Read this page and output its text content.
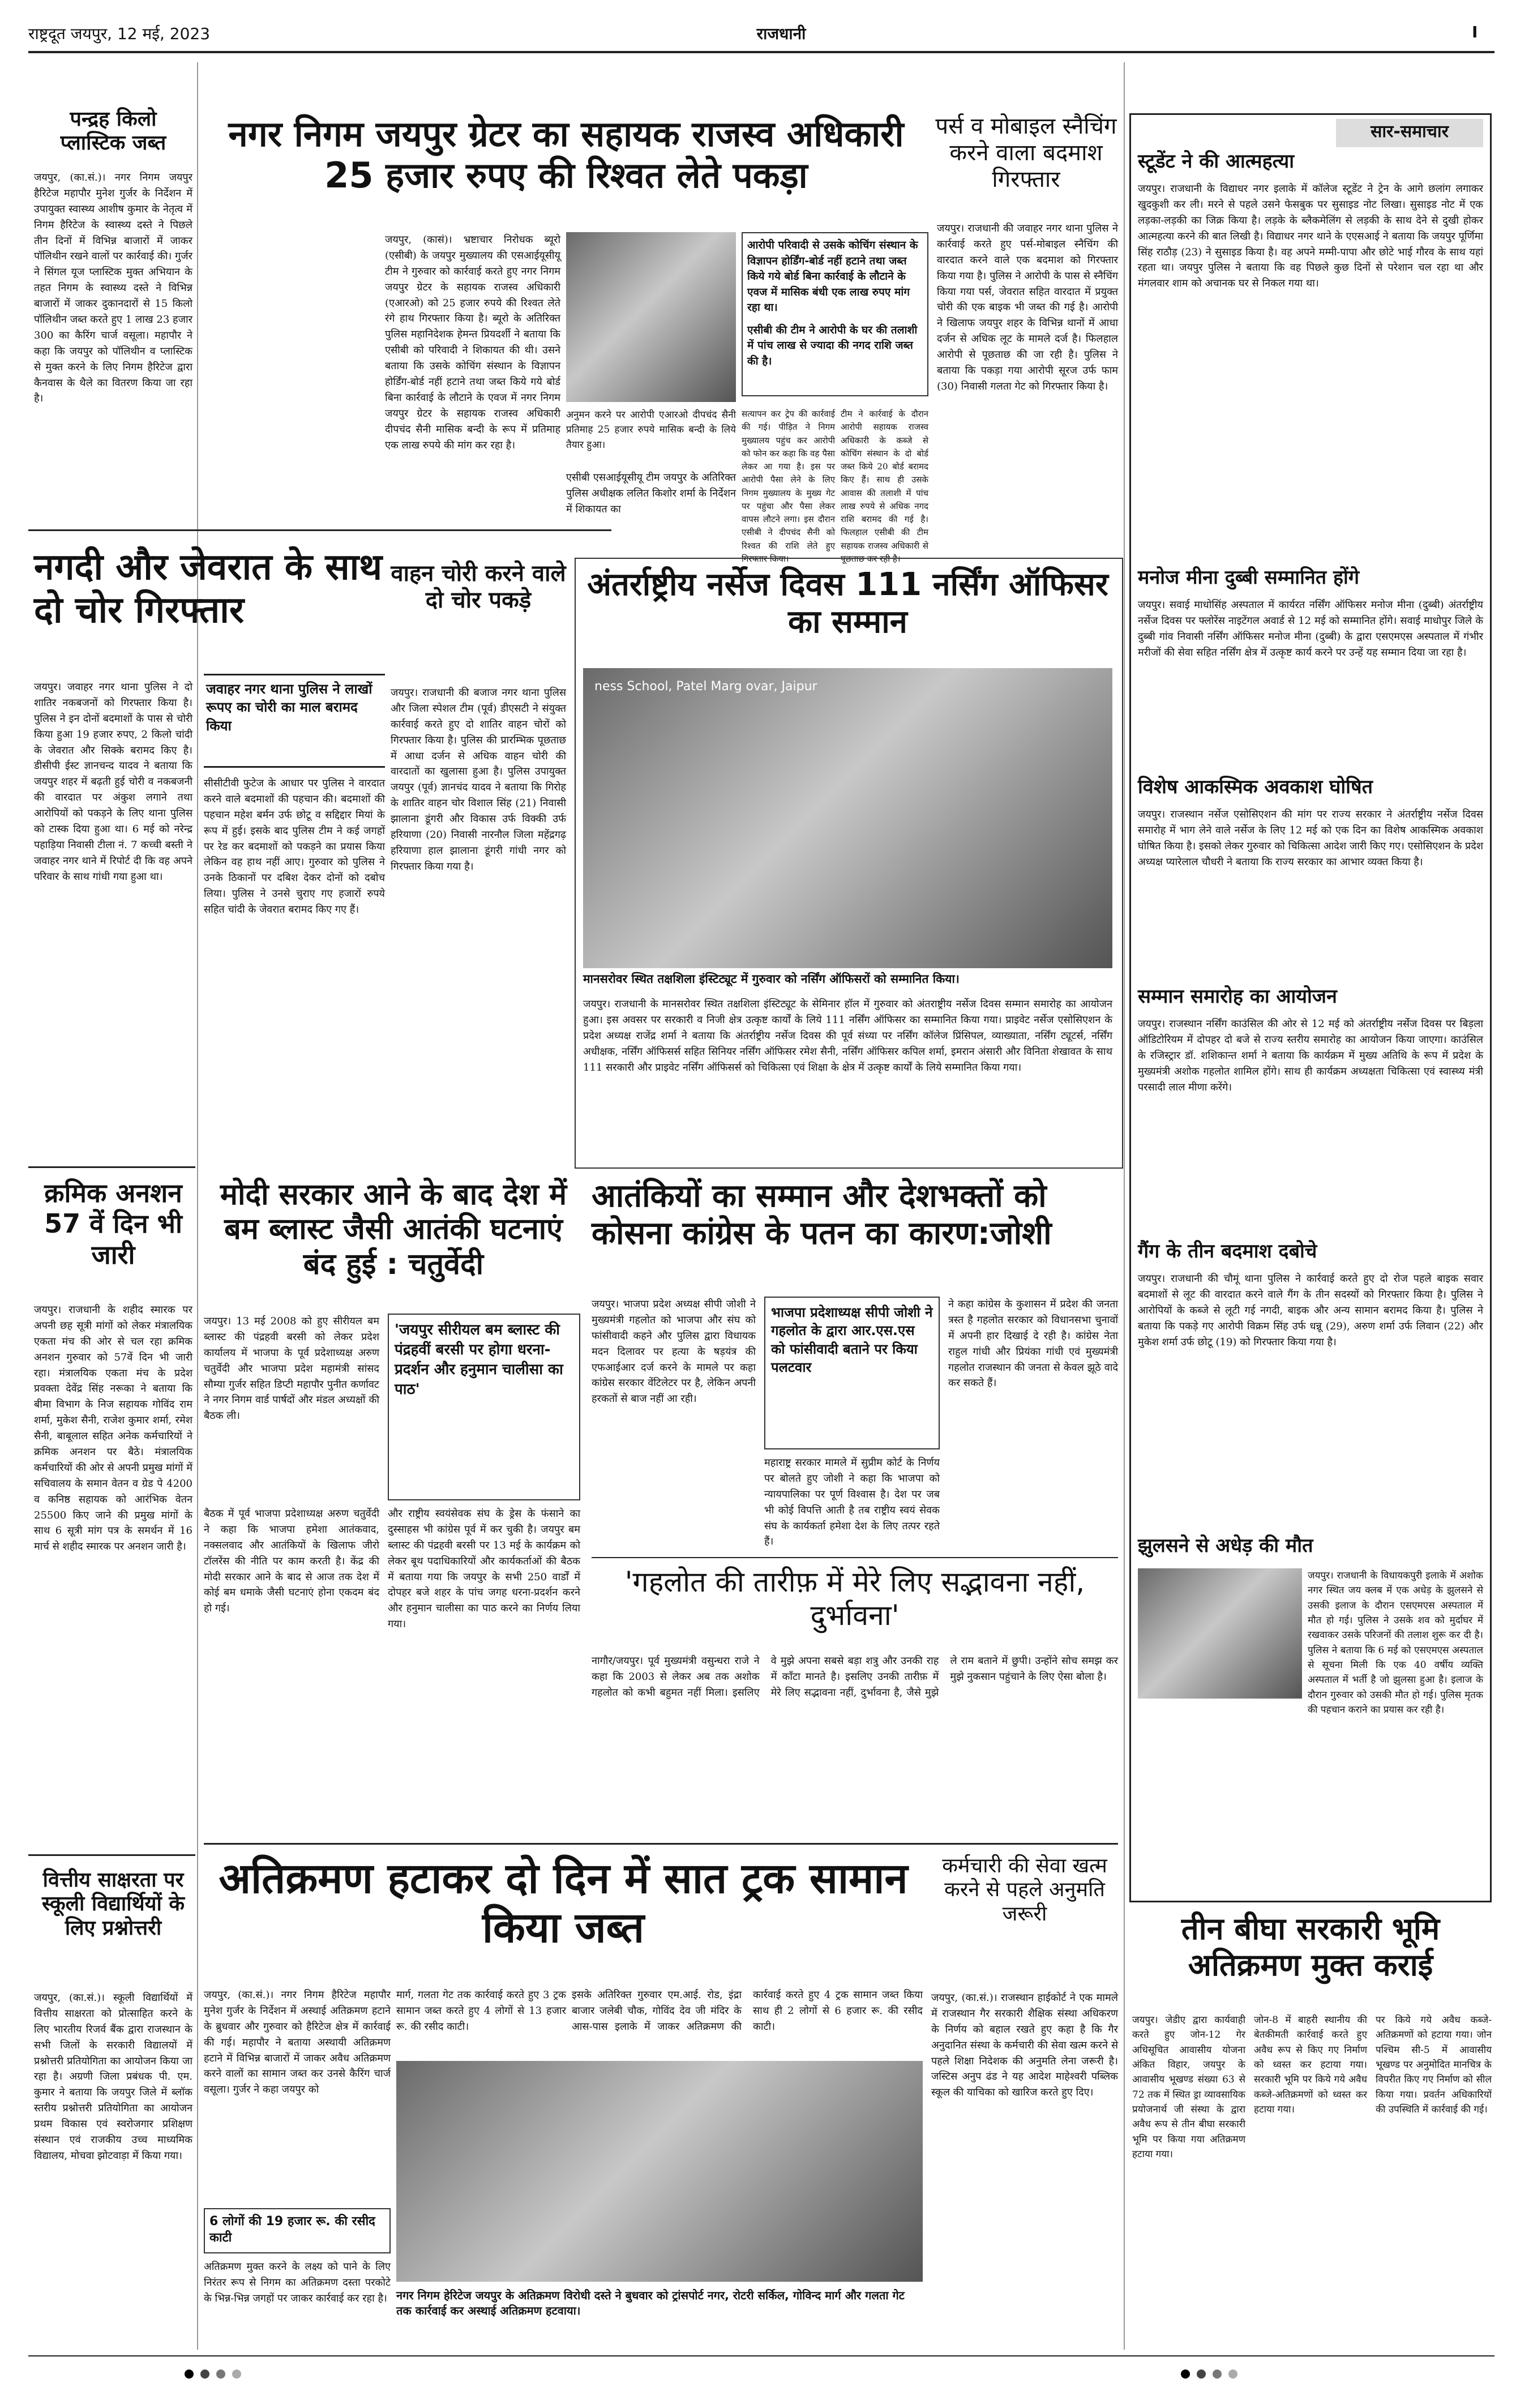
राष्ट्रदूत जयपुर, 12 मई, 2023	राजधानी	I
पन्द्रह किलो प्लास्टिक जब्त
जयपुर, (का.सं.)। नगर निगम जयपुर हैरिटेज महापौर मुनेश गुर्जर के निर्देशन में उपायुक्त स्वास्थ्य आशीष कुमार के नेतृत्व में निगम हैरिटेज के स्वास्थ्य दस्ते ने पिछले तीन दिनों में विभिन्न बाजारों में जाकर पॉलिथीन रखने वालों पर कार्रवाई की। गुर्जर ने सिंगल यूज प्लास्टिक मुक्त अभियान के तहत निगम के स्वास्थ्य दस्ते ने विभिन्न बाजारों में जाकर दुकानदारों से 15 किलो पॉलिथीन जब्त करते हुए 1 लाख 23 हजार 300 का कैरिंग चार्ज वसूला। महापौर ने कहा कि जयपुर को पॉलिथीन व प्लास्टिक से मुक्त करने के लिए निगम हैरिटेज द्वारा कैनवास के थैले का वितरण किया जा रहा है।
नगदी और जेवरात के साथ दो चोर गिरफ्तार
जयपुर। जवाहर नगर थाना पुलिस ने दो शातिर नकबजनों को गिरफ्तार किया है। पुलिस ने इन दोनों बदमाशों के पास से चोरी किया हुआ 19 हजार रुपए, 2 किलो चांदी के जेवरात और सिक्के बरामद किए है। डीसीपी ईस्ट ज्ञानचन्द यादव ने बताया कि जयपुर शहर में बढ़ती हुई चोरी व नकबजनी की वारदात पर अंकुश लगाने तथा आरोपियों को पकड़ने के लिए थाना पुलिस को टास्क दिया हुआ था। 6 मई को नरेन्द्र पहाड़िया निवासी टीला नं. 7 कच्ची बस्ती ने जवाहर नगर थाने में रिपोर्ट दी कि वह अपने परिवार के साथ गांधी गया हुआ था।
क्रमिक अनशन 57 वें दिन भी जारी
जयपुर। राजधानी के शहीद स्मारक पर अपनी छह सूत्री मांगों को लेकर मंत्रालयिक एकता मंच की ओर से चल रहा क्रमिक अनशन गुरुवार को 57वें दिन भी जारी रहा। मंत्रालयिक एकता मंच के प्रदेश प्रवक्ता देवेंद्र सिंह नरूका ने बताया कि बीमा विभाग के निज सहायक गोविंद राम शर्मा, मुकेश सैनी, राजेश कुमार शर्मा, रमेश सैनी, बाबूलाल सहित अनेक कर्मचारियों ने क्रमिक अनशन पर बैठे। मंत्रालयिक कर्मचारियों की ओर से अपनी प्रमुख मांगों में सचिवालय के समान वेतन व ग्रेड पे 4200 व कनिष्ठ सहायक को आरंभिक वेतन 25500 किए जाने की प्रमुख मांगों के साथ 6 सूत्री मांग पत्र के समर्थन में 16 मार्च से शहीद स्मारक पर अनशन जारी है।
वित्तीय साक्षरता पर स्कूली विद्यार्थियों के लिए प्रश्नोत्तरी
जयपुर, (का.सं.)। स्कूली विद्यार्थियों में वित्तीय साक्षरता को प्रोत्साहित करने के लिए भारतीय रिजर्व बैंक द्वारा राजस्थान के सभी जिलों के सरकारी विद्यालयों में प्रश्नोत्तरी प्रतियोगिता का आयोजन किया जा रहा है। अग्रणी जिला प्रबंधक पी. एम. कुमार ने बताया कि जयपुर जिले में ब्लॉक स्तरीय प्रश्नोत्तरी प्रतियोगिता का आयोजन प्रथम विकास एवं स्वरोजगार प्रशिक्षण संस्थान एवं राजकीय उच्च माध्यमिक विद्यालय, मोचवा झोटवाड़ा में किया गया।
नगर निगम जयपुर ग्रेटर का सहायक राजस्व अधिकारी 25 हजार रुपए की रिश्वत लेते पकड़ा
जयपुर, (कासं)। भ्रष्टाचार निरोधक ब्यूरो (एसीबी) के जयपुर मुख्यालय की एसआईयूसीयू टीम ने गुरुवार को कार्रवाई करते हुए नगर निगम जयपुर ग्रेटर के सहायक राजस्व अधिकारी (एआरओ) को 25 हजार रुपये की रिश्वत लेते रंगे हाथ गिरफ्तार किया है। ब्यूरो के अतिरिक्त पुलिस महानिदेशक हेमन्त प्रियदर्शी ने बताया कि एसीबी को परिवादी ने शिकायत की थी। उसने बताया कि उसके कोचिंग संस्थान के विज्ञापन होर्डिंग-बोर्ड नहीं हटाने तथा जब्त किये गये बोर्ड बिना कार्रवाई के लौटाने के एवज में नगर निगम जयपुर ग्रेटर के सहायक राजस्व अधिकारी दीपचंद सैनी मासिक बन्दी के रूप में प्रतिमाह एक लाख रुपये की मांग कर रहा है।
अनुमन करने पर आरोपी एआरओ दीपचंद सैनी प्रतिमाह 25 हजार रुपये मासिक बन्दी के लिये तैयार हुआ।
एसीबी एसआईयूसीयू टीम जयपुर के अतिरिक्त पुलिस अधीक्षक ललित किशोर शर्मा के निर्देशन में शिकायत का
आरोपी परिवादी से उसके कोचिंग संस्थान के विज्ञापन होर्डिंग-बोर्ड नहीं हटाने तथा जब्त किये गये बोर्ड बिना कार्रवाई के लौटाने के एवज में मासिक बंधी एक लाख रुपए मांग रहा था।
एसीबी की टीम ने आरोपी के घर की तलाशी में पांच लाख से ज्यादा की नगद राशि जब्त की है।
सत्यापन कर ट्रेप की कार्रवाई की गई। पीड़ित ने निगम मुख्यालय पहुंच कर आरोपी को फोन कर कहा कि वह पैसा लेकर आ गया है। इस पर आरोपी पैसा लेने के लिए निगम मुख्यालय के मुख्य गेट पर पहुंचा और पैसा लेकर वापस लौटने लगा। इस दौरान एसीबी ने दीपचंद सैनी को रिश्वत की राशि लेते हुए गिरफ्तार किया।
टीम ने कार्रवाई के दौरान आरोपी सहायक राजस्व अधिकारी के कब्जे से कोचिंग संस्थान के दो बोर्ड जब्त किये 20 बोर्ड बरामद किए हैं। साथ ही उसके आवास की तलाशी में पांच लाख रुपये से अधिक नगद राशि बरामद की गई है। फिलहाल एसीबी की टीम सहायक राजस्व अधिकारी से पूछताछ कर रही है।
पर्स व मोबाइल स्नैचिंग करने वाला बदमाश गिरफ्तार
जयपुर। राजधानी की जवाहर नगर थाना पुलिस ने कार्रवाई करते हुए पर्स-मोबाइल स्नैचिंग की वारदात करने वाले एक बदमाश को गिरफ्तार किया गया है। पुलिस ने आरोपी के पास से स्नैचिंग किया गया पर्स, जेवरात सहित वारदात में प्रयुक्त चोरी की एक बाइक भी जब्त की गई है। आरोपी ने खिलाफ जयपुर शहर के विभिन्न थानों में आधा दर्जन से अधिक लूट के मामले दर्ज है। फिलहाल आरोपी से पूछताछ की जा रही है। पुलिस ने बताया कि पकड़ा गया आरोपी सूरज उर्फ फाम (30) निवासी गलता गेट को गिरफ्तार किया है।
वाहन चोरी करने वाले दो चोर पकड़े
जयपुर। राजधानी की बजाज नगर थाना पुलिस और जिला स्पेशल टीम (पूर्व) डीएसटी ने संयुक्त कार्रवाई करते हुए दो शातिर वाहन चोरों को गिरफ्तार किया है। पुलिस की प्रारम्भिक पूछताछ में आधा दर्जन से अधिक वाहन चोरी की वारदातों का खुलासा हुआ है। पुलिस उपायुक्त जयपुर (पूर्व) ज्ञानचंद यादव ने बताया कि गिरोह के शातिर वाहन चोर विशाल सिंह (21) निवासी झालाना डूंगरी और विकास उर्फ विक्की उर्फ हरियाणा (20) निवासी नारनौल जिला महेंद्रगढ़ हरियाणा हाल झालाना डूंगरी गांधी नगर को गिरफ्तार किया गया है।
जवाहर नगर थाना पुलिस ने लाखों रूपए का चोरी का माल बरामद किया
सीसीटीवी फुटेज के आधार पर पुलिस ने वारदात करने वाले बदमाशों की पहचान की। बदमाशों की पहचान महेश बर्मन उर्फ छोटू व सद्दिद्दार मियां के रूप में हुई। इसके बाद पुलिस टीम ने कई जगहों पर रेड कर बदमाशों को पकड़ने का प्रयास किया लेकिन वह हाथ नहीं आए। गुरुवार को पुलिस ने उनके ठिकानों पर दबिश देकर दोनों को दबोच लिया। पुलिस ने उनसे चुराए गए हजारों रुपये सहित चांदी के जेवरात बरामद किए गए हैं।
अंतर्राष्ट्रीय नर्सेज दिवस 111 नर्सिंग ऑफिसर का सम्मान
ness School, Patel Marg ovar, Jaipur
मानसरोवर स्थित तक्षशिला इंस्टिट्यूट में गुरुवार को नर्सिंग ऑफिसरों को सम्मानित किया।
जयपुर। राजधानी के मानसरोवर स्थित तक्षशिला इंस्टिट्यूट के सेमिनार हॉल में गुरुवार को अंतराष्ट्रीय नर्सेज दिवस सम्मान समारोह का आयोजन हुआ। इस अवसर पर सरकारी व निजी क्षेत्र उत्कृष्ट कार्यों के लिये 111 नर्सिंग ऑफिसर का सम्मानित किया गया। प्राइवेट नर्सेज एसोसिएशन के प्रदेश अध्यक्ष राजेंद्र शर्मा ने बताया कि अंतर्राष्ट्रीय नर्सेज दिवस की पूर्व संध्या पर नर्सिंग कॉलेज प्रिंसिपल, व्याख्याता, नर्सिंग ट्यूटर्स, नर्सिंग अधीक्षक, नर्सिंग ऑफिसर्स सहित सिनियर नर्सिंग ऑफिसर रमेश सैनी, नर्सिंग ऑफिसर कपिल शर्मा, इमरान अंसारी और विनिता शेखावत के साथ 111 सरकारी और प्राइवेट नर्सिंग ऑफिसर्स को चिकित्सा एवं शिक्षा के क्षेत्र में उत्कृष्ट कार्यों के लिये सम्मानित किया गया।
मोदी सरकार आने के बाद देश में बम ब्लास्ट जैसी आतंकी घटनाएं बंद हुई : चतुर्वेदी
जयपुर। 13 मई 2008 को हुए सीरीयल बम ब्लास्ट की पंद्रहवी बरसी को लेकर प्रदेश कार्यालय में भाजपा के पूर्व प्रदेशाध्यक्ष अरुण चतुर्वेदी और भाजपा प्रदेश महामंत्री सांसद सौम्या गुर्जर सहित डिप्टी महापौर पुनीत कर्णावट ने नगर निगम वार्ड पार्षदों और मंडल अध्यक्षों की बैठक ली।
'जयपुर सीरीयल बम ब्लास्ट की पंद्रहवीं बरसी पर होगा धरना-प्रदर्शन और हनुमान चालीसा का पाठ'
बैठक में पूर्व भाजपा प्रदेशाध्यक्ष अरुण चतुर्वेदी ने कहा कि भाजपा हमेशा आतंकवाद, नक्सलवाद और आतंकियों के खिलाफ जीरो टॉलरेंस की नीति पर काम करती है। केंद्र की मोदी सरकार आने के बाद से आज तक देश में कोई बम धमाके जैसी घटनाएं होना एकदम बंद हो गई।
और राष्ट्रीय स्वयंसेवक संघ के ड्रेस के फंसाने का दुस्साहस भी कांग्रेस पूर्व में कर चुकी है। जयपुर बम ब्लास्ट की पंद्रहवी बरसी पर 13 मई के कार्यक्रम को लेकर बूथ पदाधिकारियों और कार्यकर्ताओं की बैठक में बताया गया कि जयपुर के सभी 250 वार्डों में दोपहर बजे शहर के पांच जगह धरना-प्रदर्शन करने और हनुमान चालीसा का पाठ करने का निर्णय लिया गया।
आतंकियों का सम्मान और देशभक्तों को कोसना कांग्रेस के पतन का कारण:जोशी
जयपुर। भाजपा प्रदेश अध्यक्ष सीपी जोशी ने मुख्यमंत्री गहलोत को भाजपा और संघ को फांसीवादी कहने और पुलिस द्वारा विधायक मदन दिलावर पर हत्या के षड़यंत्र की एफआईआर दर्ज करने के मामले पर कहा कांग्रेस सरकार वेंटिलेटर पर है, लेकिन अपनी हरकतों से बाज नहीं आ रही।
भाजपा प्रदेशाध्यक्ष सीपी जोशी ने गहलोत के द्वारा आर.एस.एस को फांसीवादी बताने पर किया पलटवार
महाराष्ट्र सरकार मामले में सुप्रीम कोर्ट के निर्णय पर बोलते हुए जोशी ने कहा कि भाजपा को न्यायपालिका पर पूर्ण विश्वास है। देश पर जब भी कोई विपत्ति आती है तब राष्ट्रीय स्वयं सेवक संघ के कार्यकर्ता हमेशा देश के लिए तत्पर रहते हैं।
ने कहा कांग्रेस के कुशासन में प्रदेश की जनता त्रस्त है गहलोत सरकार को विधानसभा चुनावों में अपनी हार दिखाई दे रही है। कांग्रेस नेता राहुल गांधी और प्रियंका गांधी एवं मुख्यमंत्री गहलोत राजस्थान की जनता से केवल झूठे वादे कर सकते हैं।
'गहलोत की तारीफ़ में मेरे लिए सद्भावना नहीं, दुर्भावना'
नागौर/जयपुर। पूर्व मुख्यमंत्री वसुन्धरा राजे ने कहा कि 2003 से लेकर अब तक अशोक गहलोत को कभी बहुमत नहीं मिला। इसलिए वे मुझे अपना सबसे बड़ा शत्रु और उनकी राह में काँटा मानते है। इसलिए उनकी तारीफ़ में मेरे लिए सद्भावना नहीं, दुर्भावना है, जैसे मुझे ले राम बताने में छुपी। उन्होंने सोच समझ कर मुझे नुकसान पहुंचाने के लिए ऐसा बोला है।
अतिक्रमण हटाकर दो दिन में सात ट्रक सामान किया जब्त
जयपुर, (का.सं.)। नगर निगम हैरिटेज महापौर मुनेश गुर्जर के निर्देशन में अस्थाई अतिक्रमण हटाने के ब्रुधवार और गुरुवार को हैरिटेज क्षेत्र में कार्रवाई की गई। महापौर ने बताया अस्थायी अतिक्रमण हटाने में विभिन्न बाजारों में जाकर अवैध अतिक्रमण करने वालों का सामान जब्त कर उनसे कैरिंग चार्ज वसूला। गुर्जर ने कहा जयपुर को
6 लोगों की 19 हजार रू. की रसीद काटी
अतिक्रमण मुक्त करने के लक्ष्य को पाने के लिए निरंतर रूप से निगम का अतिक्रमण दस्ता परकोटे के भिन्न-भिन्न जगहों पर जाकर कार्रवाई कर रहा है।
मार्ग, गलता गेट तक कार्रवाई करते हुए 3 ट्रक सामान जब्त करते हुए 4 लोगों से 13 हजार रू. की रसीद काटी।
इसके अतिरिक्त गुरुवार एम.आई. रोड, इंद्रा बाजार जलेबी चौक, गोविंद देव जी मंदिर के आस-पास इलाके में जाकर अतिक्रमण की कार्रवाई करते हुए 4 ट्रक सामान जब्त किया साथ ही 2 लोगों से 6 हजार रू. की रसीद काटी।
नगर निगम हेरिटेज जयपुर के अतिक्रमण विरोधी दस्ते ने बुधवार को ट्रांसपोर्ट नगर, रोटरी सर्किल, गोविन्द मार्ग और गलता गेट तक कार्रवाई कर अस्थाई अतिक्रमण हटवाया।
कर्मचारी की सेवा खत्म करने से पहले अनुमति जरूरी
जयपुर, (का.सं.)। राजस्थान हाईकोर्ट ने एक मामले में राजस्थान गैर सरकारी शैक्षिक संस्था अधिकरण के निर्णय को बहाल रखते हुए कहा है कि गैर अनुदानित संस्था के कर्मचारी की सेवा खत्म करने से पहले शिक्षा निदेशक की अनुमति लेना जरूरी है। जस्टिस अनुप ढंड ने यह आदेश माहेश्वरी पब्लिक स्कूल की याचिका को खारिज करते हुए दिए।
सार-समाचार
स्टूडेंट ने की आत्महत्या
जयपुर। राजधानी के विद्याधर नगर इलाके में कॉलेज स्टूडेंट ने ट्रेन के आगे छलांग लगाकर खुदकुशी कर ली। मरने से पहले उसने फेसबुक पर सुसाइड नोट लिखा। सुसाइड नोट में एक लड़का-लड़की का जिक्र किया है। लड़के के ब्लैकमेलिंग से लड़की के साथ देने से दुखी होकर आत्महत्या करने की बात लिखी है। विद्याधर नगर थाने के एएसआई ने बताया कि जयपुर पूर्णिमा सिंह राठौड़ (23) ने सुसाइड किया है। वह अपने मम्मी-पापा और छोटे भाई गौरव के साथ यहां रहता था। जयपुर पुलिस ने बताया कि वह पिछले कुछ दिनों से परेशान चल रहा था और मंगलवार शाम को अचानक घर से निकल गया था।
मनोज मीना दुब्बी सम्मानित होंगे
जयपुर। सवाई माधोसिंह अस्पताल में कार्यरत नर्सिंग ऑफिसर मनोज मीना (दुब्बी) अंतर्राष्ट्रीय नर्सेज दिवस पर फ्लोरेंस नाइटेंगल अवार्ड से 12 मई को सम्मानित होंगे। सवाई माधोपुर जिले के दुब्बी गांव निवासी नर्सिंग ऑफिसर मनोज मीना (दुब्बी) के द्वारा एसएमएस अस्पताल में गंभीर मरीजों की सेवा सहित नर्सिंग क्षेत्र में उत्कृष्ट कार्य करने पर उन्हें यह सम्मान दिया जा रहा है।
विशेष आकस्मिक अवकाश घोषित
जयपुर। राजस्थान नर्सेज एसोसिएशन की मांग पर राज्य सरकार ने अंतर्राष्ट्रीय नर्सेज दिवस समारोह में भाग लेने वाले नर्सेज के लिए 12 मई को एक दिन का विशेष आकस्मिक अवकाश घोषित किया है। इसको लेकर गुरुवार को चिकित्सा आदेश जारी किए गए। एसोसिएशन के प्रदेश अध्यक्ष प्यारेलाल चौधरी ने बताया कि राज्य सरकार का आभार व्यक्त किया है।
सम्मान समारोह का आयोजन
जयपुर। राजस्थान नर्सिंग काउंसिल की ओर से 12 मई को अंतर्राष्ट्रीय नर्सेज दिवस पर बिड़ला ऑडिटोरियम में दोपहर दो बजे से राज्य स्तरीय समारोह का आयोजन किया जाएगा। काउंसिल के रजिस्ट्रार डॉ. शशिकान्त शर्मा ने बताया कि कार्यक्रम में मुख्य अतिथि के रूप में प्रदेश के मुख्यमंत्री अशोक गहलोत शामिल होंगे। साथ ही कार्यक्रम अध्यक्षता चिकित्सा एवं स्वास्थ्य मंत्री परसादी लाल मीणा करेंगे।
गैंग के तीन बदमाश दबोचे
जयपुर। राजधानी की चौमूं थाना पुलिस ने कार्रवाई करते हुए दो रोज पहले बाइक सवार बदमाशों से लूट की वारदात करने वाले गैंग के तीन सदस्यों को गिरफ्तार किया है। पुलिस ने आरोपियों के कब्जे से लूटी गई नगदी, बाइक और अन्य सामान बरामद किया है। पुलिस ने बताया कि पकड़े गए आरोपी विक्रम सिंह उर्फ धन्नू (29), अरुण शर्मा उर्फ लिवान (22) और मुकेश शर्मा उर्फ छोटू (19) को गिरफ्तार किया गया है।
झुलसने से अधेड़ की मौत
जयपुर। राजधानी के विधायकपुरी इलाके में अशोक नगर स्थित जय क्लब में एक अधेड़ के झुलसने से उसकी इलाज के दौरान एसएमएस अस्पताल में मौत हो गई। पुलिस ने उसके शव को मुर्दाघर में रखवाकर उसके परिजनों की तलाश शुरू कर दी है। पुलिस ने बताया कि 6 मई को एसएमएस अस्पताल से सूचना मिली कि एक 40 वर्षीय व्यक्ति अस्पताल में भर्ती है जो झुलसा हुआ है। इलाज के दौरान गुरुवार को उसकी मौत हो गई। पुलिस मृतक की पहचान कराने का प्रयास कर रही है।
तीन बीघा सरकारी भूमि अतिक्रमण मुक्त कराई
जयपुर। जेडीए द्वारा कार्यवाही करते हुए जोन-12 गेर अधिसूचित आवासीय योजना अंकित विहार, जयपुर के आवासीय भूखण्ड संख्या 63 से 72 तक में स्थित ड्रा व्यावसायिक प्रयोजनार्थ जी संस्था के द्वारा अवैध रूप से तीन बीघा सरकारी भूमि पर किया गया अतिक्रमण हटाया गया।
जोन-8 में बाहरी स्थानीय की बेतकीमती कार्रवाई करते हुए अवैध रूप से किए गए निर्माण को ध्वस्त कर हटाया गया। सरकारी भूमि पर किये गये अवैध कब्जे-अतिक्रमणों को ध्वस्त कर हटाया गया।
पर किये गये अवैध कब्जे-अतिक्रमणों को हटाया गया। जोन पश्चिम सी-5 में आवासीय भूखण्ड पर अनुमोदित मानचित्र के विपरीत किए गए निर्माण को सील किया गया। प्रवर्तन अधिकारियों की उपस्थिति में कार्रवाई की गई।
